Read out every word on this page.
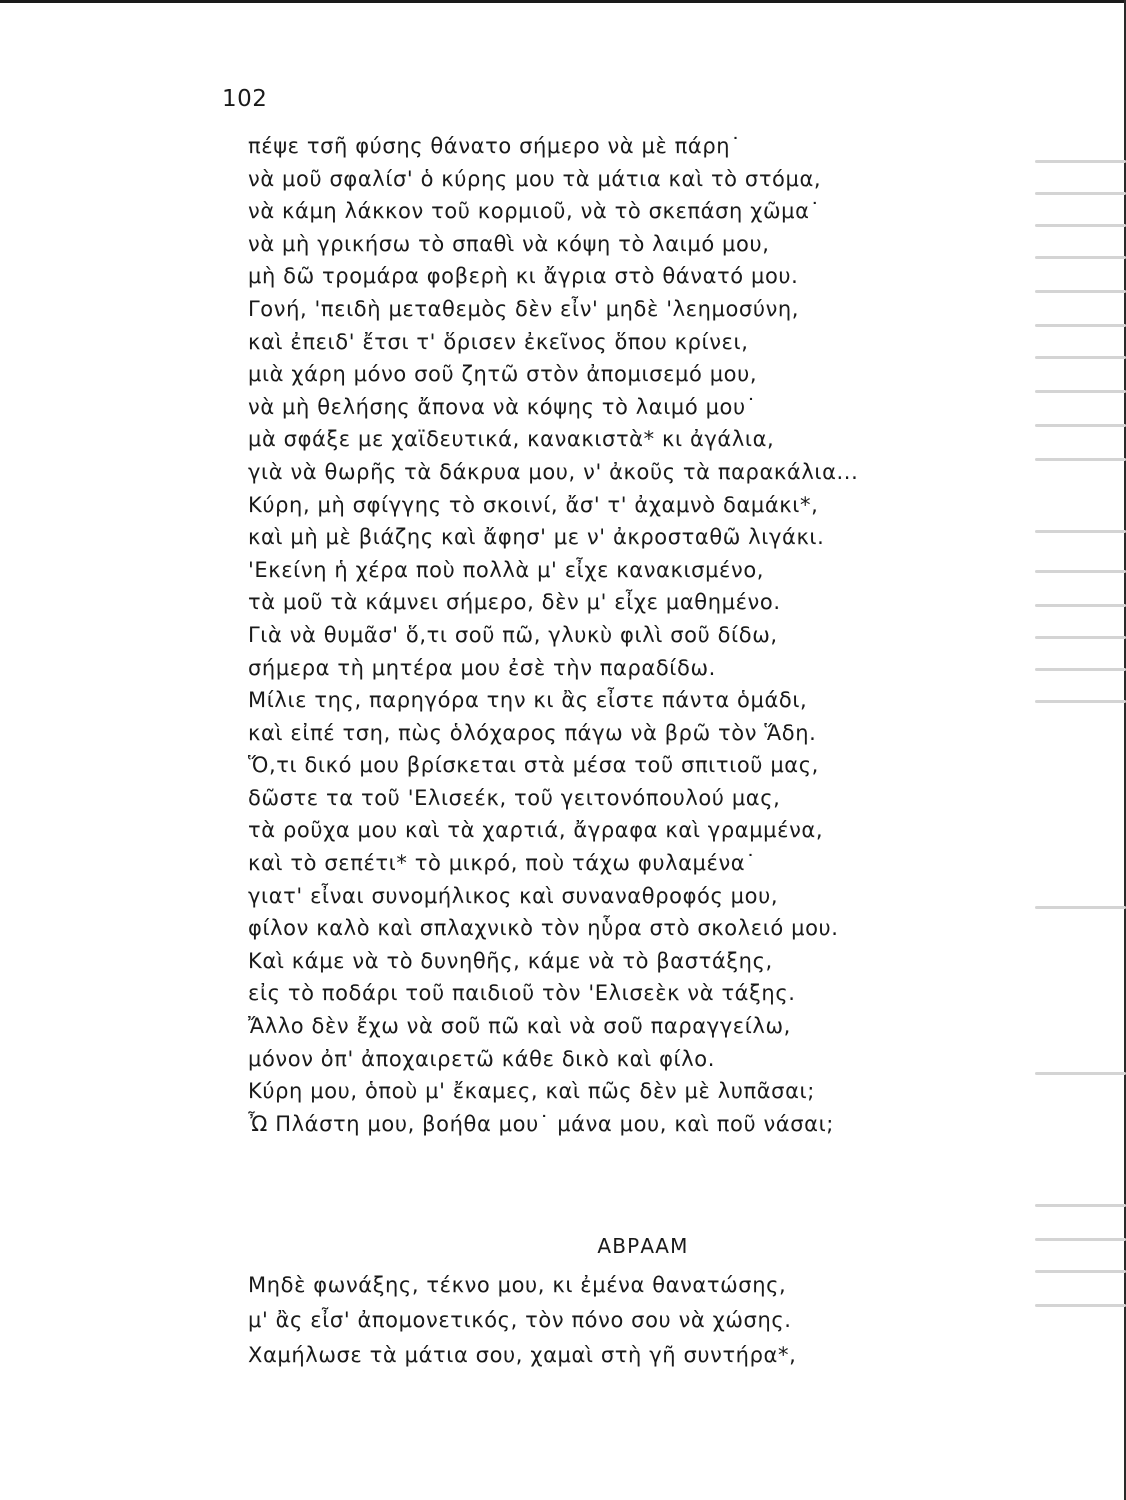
102
πέψε τσῆ φύσης θάνατο σήμερο νὰ μὲ πάρη˙
νὰ μοῦ σφαλίσ' ὁ κύρης μου τὰ μάτια καὶ τὸ στόμα,
νὰ κάμη λάκκον τοῦ κορμιοῦ, νὰ τὸ σκεπάση χῶμα˙
νὰ μὴ γρικήσω τὸ σπαθὶ νὰ κόψη τὸ λαιμό μου,
μὴ δῶ τρομάρα φοβερὴ κι ἄγρια στὸ θάνατό μου.
Γονή, 'πειδὴ μεταθεμὸς δὲν εἶν' μηδὲ 'λεημοσύνη,
καὶ ἐπειδ' ἔτσι τ' ὅρισεν ἐκεῖνος ὅπου κρίνει,
μιὰ χάρη μόνο σοῦ ζητῶ στὸν ἀπομισεμό μου,
νὰ μὴ θελήσης ἄπονα νὰ κόψης τὸ λαιμό μου˙
μὰ σφάξε με χαϊδευτικά, κανακιστὰ* κι ἀγάλια,
γιὰ νὰ θωρῆς τὰ δάκρυα μου, ν' ἀκοῦς τὰ παρακάλια...
Κύρη, μὴ σφίγγης τὸ σκοινί, ἄσ' τ' ἀχαμνὸ δαμάκι*,
καὶ μὴ μὲ βιάζης καὶ ἄφησ' με ν' ἀκροσταθῶ λιγάκι.
'Εκείνη ἡ χέρα ποὺ πολλὰ μ' εἶχε κανακισμένο,
τὰ μοῦ τὰ κάμνει σήμερο, δὲν μ' εἶχε μαθημένο.
Γιὰ νὰ θυμᾶσ' ὅ,τι σοῦ πῶ, γλυκὺ φιλὶ σοῦ δίδω,
σήμερα τὴ μητέρα μου ἐσὲ τὴν παραδίδω.
Μίλιε της, παρηγόρα την κι ἂς εἶστε πάντα ὁμάδι,
καὶ εἰπέ τση, πὼς ὁλόχαρος πάγω νὰ βρῶ τὸν Ἅδη.
Ὅ,τι δικό μου βρίσκεται στὰ μέσα τοῦ σπιτιοῦ μας,
δῶστε τα τοῦ 'Ελισεέκ, τοῦ γειτονόπουλού μας,
τὰ ροῦχα μου καὶ τὰ χαρτιά, ἄγραφα καὶ γραμμένα,
καὶ τὸ σεπέτι* τὸ μικρό, ποὺ τάχω φυλαμένα˙
γιατ' εἶναι συνομήλικος καὶ συναναθροφός μου,
φίλον καλὸ καὶ σπλαχνικὸ τὸν ηὗρα στὸ σκολειό μου.
Καὶ κάμε νὰ τὸ δυνηθῆς, κάμε νὰ τὸ βαστάξης,
εἰς τὸ ποδάρι τοῦ παιδιοῦ τὸν 'Ελισεὲκ νὰ τάξης.
Ἄλλο δὲν ἔχω νὰ σοῦ πῶ καὶ νὰ σοῦ παραγγείλω,
μόνον ὀπ' ἀποχαιρετῶ κάθε δικὸ καὶ φίλο.
Κύρη μου, ὁποὺ μ' ἔκαμες, καὶ πῶς δὲν μὲ λυπᾶσαι;
Ὦ Πλάστη μου, βοήθα μου˙ μάνα μου, καὶ ποῦ νάσαι;
ΑΒΡΑΑΜ
Μηδὲ φωνάξης, τέκνο μου, κι ἐμένα θανατώσης,
μ' ἂς εἶσ' ἀπομονετικός, τὸν πόνο σου νὰ χώσης.
Χαμήλωσε τὰ μάτια σου, χαμαὶ στὴ γῆ συντήρα*,
